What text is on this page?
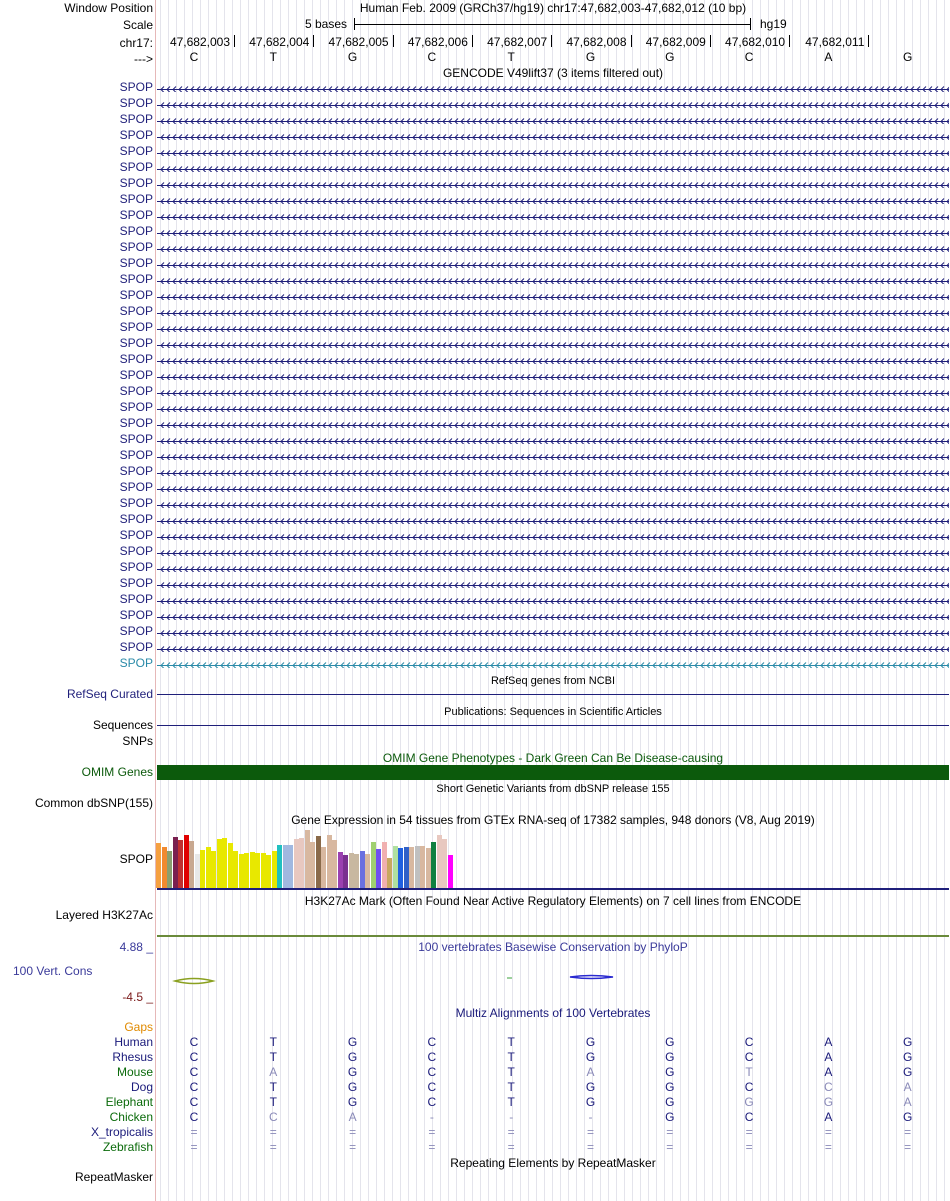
Window Position	Human Feb. 2009 (GRCh37/hg19) chr17:47,682,003-47,682,012 (10 bp)
Scale	5 bases	hg19
chr17:	47,682,003	47,682,004	47,682,005	47,682,006	47,682,007	47,682,008	47,682,009	47,682,010	47,682,011
--->	C	T	G	C	T	G	G	C	A	G
GENCODE V49lift37 (3 items filtered out)
SPOP
SPOP
SPOP
SPOP
SPOP
SPOP
SPOP
SPOP
SPOP
SPOP
SPOP
SPOP
SPOP
SPOP
SPOP
SPOP
SPOP
SPOP
SPOP
SPOP
SPOP
SPOP
SPOP
SPOP
SPOP
SPOP
SPOP
SPOP
SPOP
SPOP
SPOP
SPOP
SPOP
SPOP
SPOP
SPOP
SPOP
RefSeq genes from NCBI
RefSeq Curated
Publications: Sequences in Scientific Articles
Sequences
SNPs
OMIM Gene Phenotypes - Dark Green Can Be Disease-causing
OMIM Genes
Short Genetic Variants from dbSNP release 155
Common dbSNP(155)
Gene Expression in 54 tissues from GTEx RNA-seq of 17382 samples, 948 donors (V8, Aug 2019)
SPOP
H3K27Ac Mark (Often Found Near Active Regulatory Elements) on 7 cell lines from ENCODE
Layered H3K27Ac
100 vertebrates Basewise Conservation by PhyloP
4.88 _
100 Vert. Cons
-4.5 _
Multiz Alignments of 100 Vertebrates
Gaps
Human	C	T	G	C	T	G	G	C	A	G
Rhesus	C	T	G	C	T	G	G	C	A	G
Mouse	C	A	G	C	T	A	G	T	A	G
Dog	C	T	G	C	T	G	G	C	C	A
Elephant	C	T	G	C	T	G	G	G	G	A
Chicken	C	C	A	-	-	-	G	C	A	G
X_tropicalis	=	=	=	=	=	=	=	=	=	=
Zebrafish	=	=	=	=	=	=	=	=	=	=
Repeating Elements by RepeatMasker
RepeatMasker
